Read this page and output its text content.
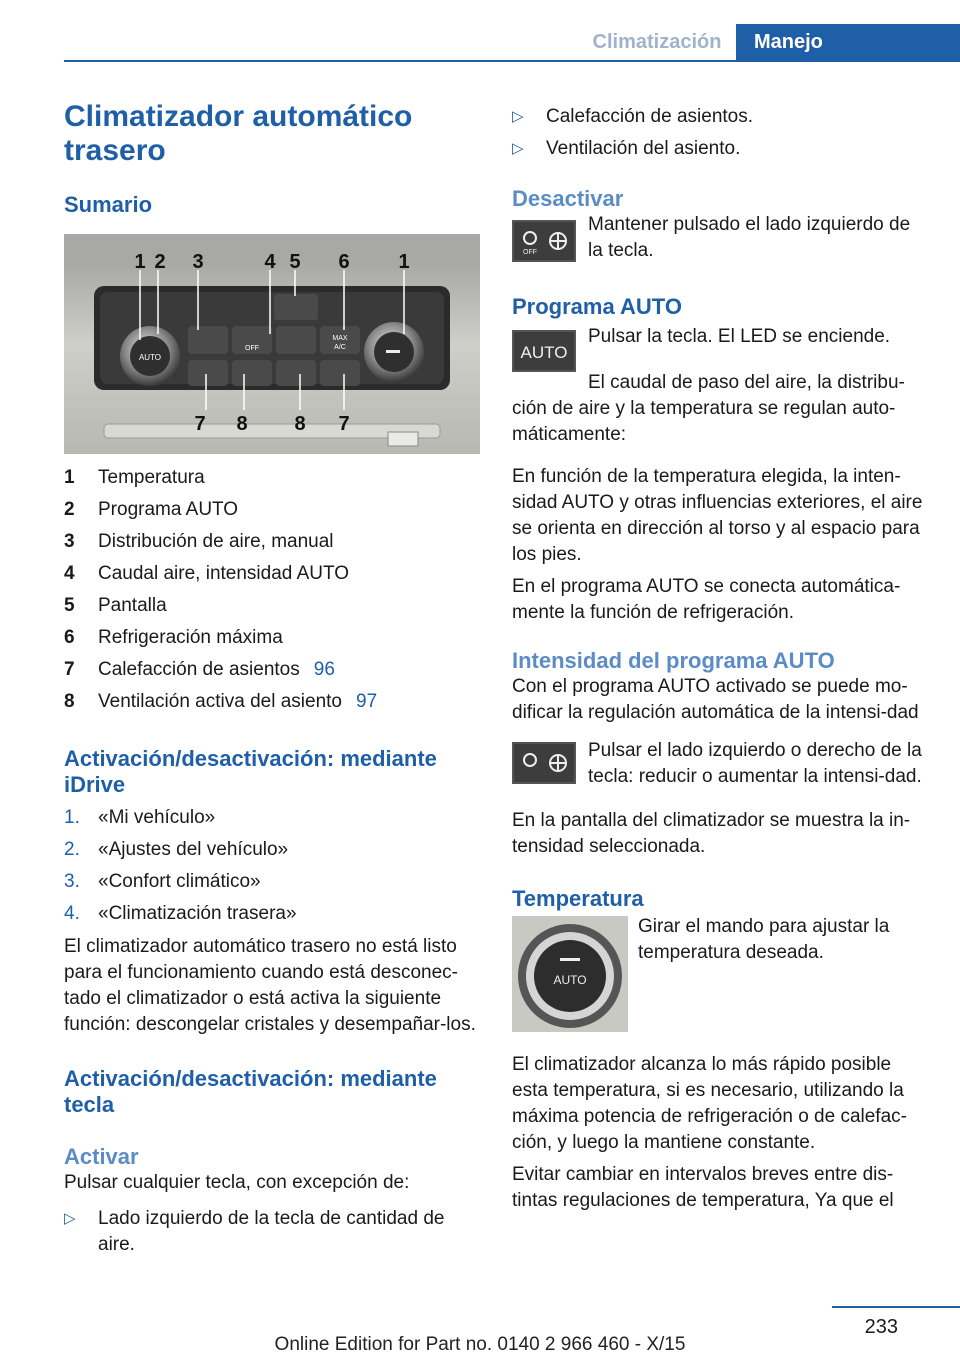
Climatización	Manejo
Climatizador automático trasero
Sumario
AUTO
OFF
MAX
A/C
1 2 3	4 5 6 1
7 8 8 7
1	Temperatura
2	Programa AUTO
3	Distribución de aire, manual
4	Caudal aire, intensidad AUTO
5	Pantalla
6	Refrigeración máxima
7	Calefacción de asientos 96
8	Ventilación activa del asiento 97
Activación/desactivación: mediante iDrive
1. «Mi vehículo»
2. «Ajustes del vehículo»
3. «Confort climático»
4. «Climatización trasera»

El climatizador automático trasero no está listo para el funcionamiento cuando está desconec-tado el climatizador o está activa la siguiente función: descongelar cristales y desempañar-los.

Activación/desactivación: mediante tecla
Activar

Pulsar cualquier tecla, con excepción de:

▷	Lado izquierdo de la tecla de cantidad de aire.
▷	Calefacción de asientos.
▷	Ventilación del asiento.
Desactivar
OFF

Mantener pulsado el lado izquierdo de la tecla.

Programa AUTO
AUTO

Pulsar la tecla. El LED se enciende.

El caudal de paso del aire, la distribu-ción de aire y la temperatura se regulan auto-máticamente:

En función de la temperatura elegida, la inten-sidad AUTO y otras influencias exteriores, el aire se orienta en dirección al torso y al espacio para los pies.

En el programa AUTO se conecta automática-mente la función de refrigeración.

Intensidad del programa AUTO

Con el programa AUTO activado se puede mo-dificar la regulación automática de la intensi-dad

Pulsar el lado izquierdo o derecho de la tecla: reducir o aumentar la intensi-dad.

En la pantalla del climatizador se muestra la in-tensidad seleccionada.

Temperatura
AUTO

Girar el mando para ajustar la temperatura deseada.

El climatizador alcanza lo más rápido posible esta temperatura, si es necesario, utilizando la máxima potencia de refrigeración o de calefac-ción, y luego la mantiene constante.

Evitar cambiar en intervalos breves entre dis-tintas regulaciones de temperatura, Ya que el

233
Online Edition for Part no. 0140 2 966 460 - X/15
